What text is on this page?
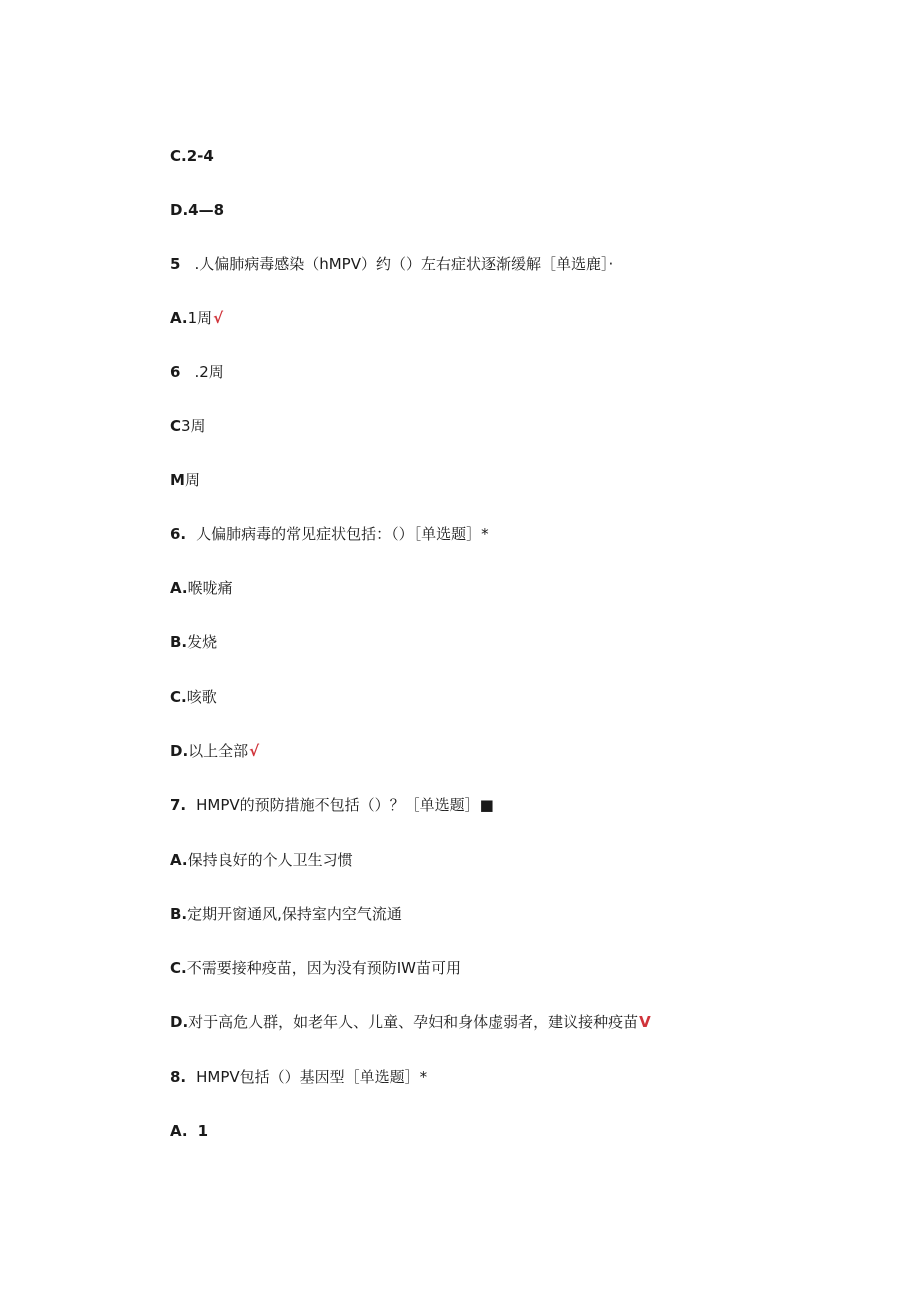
C.2-4
D.4—8
5 .人偏肺病毒感染（hMPV）约（）左右症状逐渐缓解［单选鹿］·
A.1周√
6 .2周
C3周
M周
6. 人偏肺病毒的常见症状包括：（）［单选题］*
A.喉咙痛
B.发烧
C.咳歌
D.以上全部√
7. HMPV的预防措施不包括（）？［单选题］■
A.保持良好的个人卫生习惯
B.定期开窗通风,保持室内空气流通
C.不需要接种疫苗，因为没有预防IW苗可用
D.对于高危人群，如老年人、儿童、孕妇和身体虚弱者，建议接种疫苗V
8. HMPV包括（）基因型［单选题］*
A. 1
